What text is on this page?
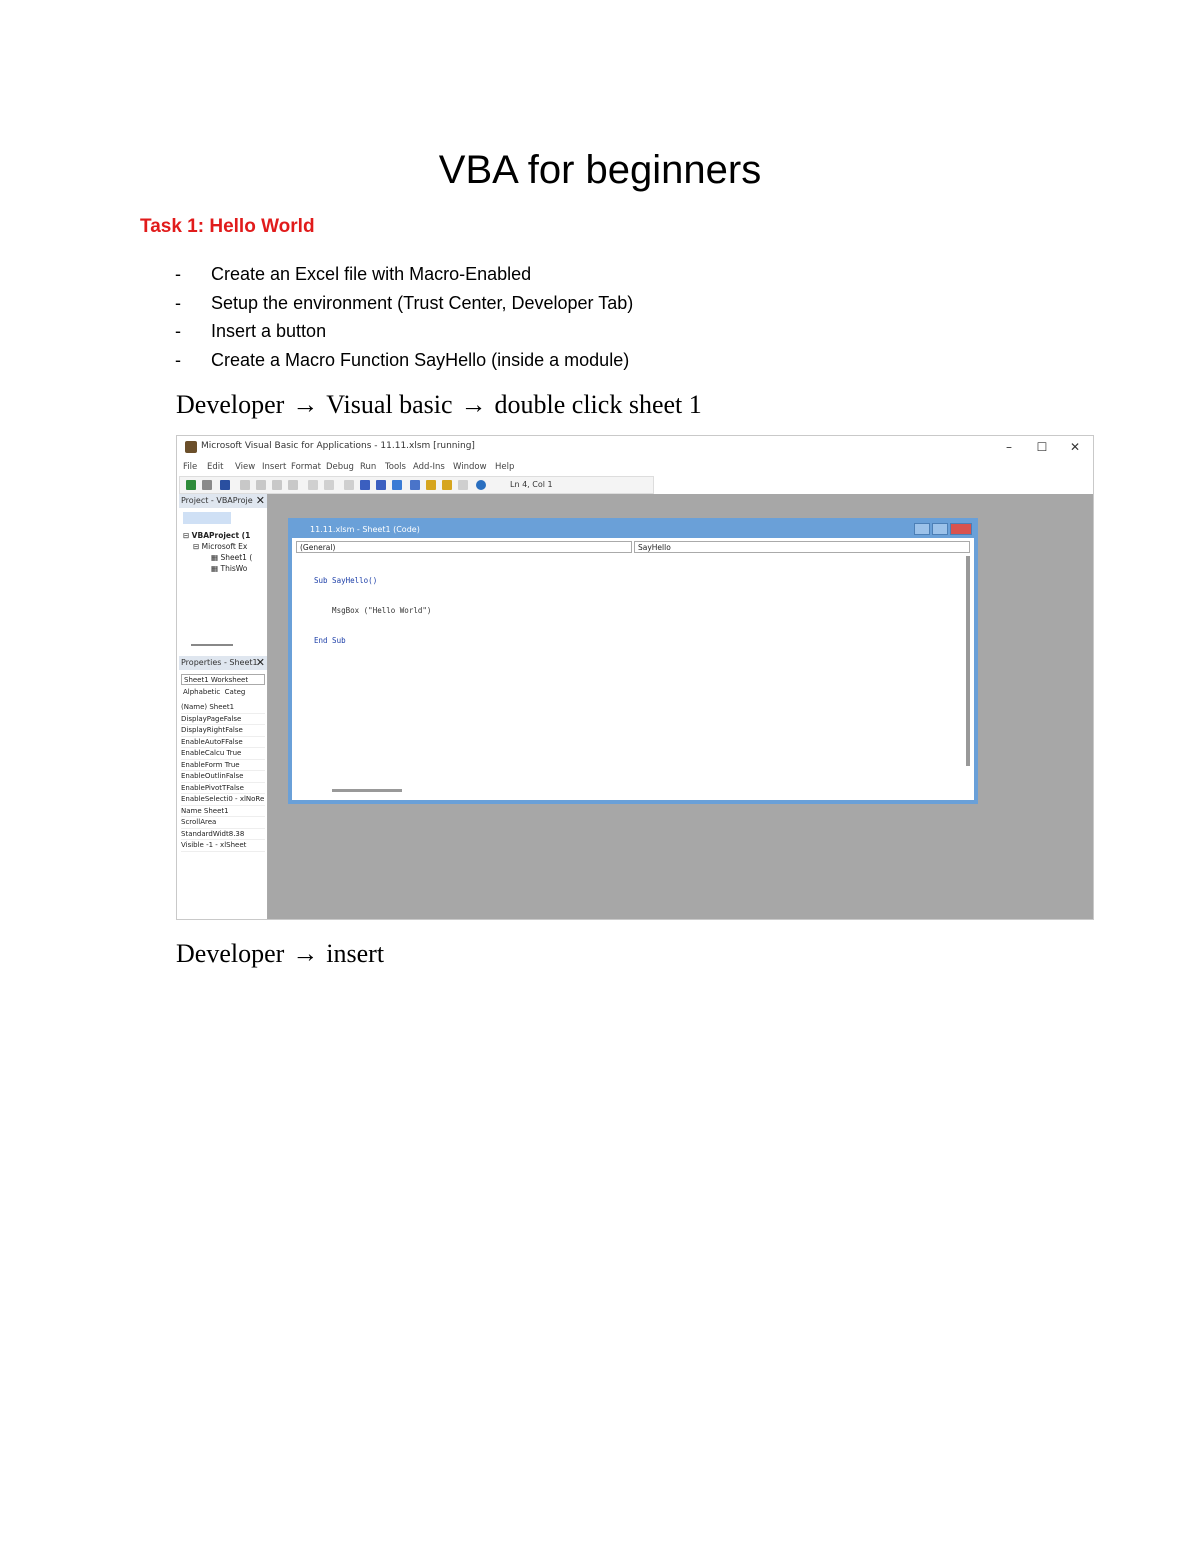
VBA for beginners
Task 1: Hello World
- Create an Excel file with Macro-Enabled
- Setup the environment (Trust Center, Developer Tab)
- Insert a button
- Create a Macro Function SayHello (inside a module)
Developer → Visual basic → double click sheet 1
Microsoft Visual Basic for Applications - 11.11.xlsm [running]	–	☐	✕
File Edit View Insert Format Debug Run Tools Add-Ins Window Help
Ln 4, Col 1
Project - VBAProje ✕
⊟ VBAProject (1
⊟ Microsoft Ex
▦ Sheet1 (
▦ ThisWo
Properties - Sheet1
✕
Sheet1 Worksheet
Alphabetic Categ
(Name) Sheet1
DisplayPageFalse
DisplayRightFalse
EnableAutoFFalse
EnableCalcu True
EnableForm True
EnableOutlinFalse
EnablePivotTFalse
EnableSelecti0 - xlNoRe
Name Sheet1
ScrollArea
StandardWidt8.38
Visible -1 - xlSheet
11.11.xlsm - Sheet1 (Code)
(General)	SayHello

Sub SayHello()

MsgBox ("Hello World")

End Sub

Developer → insert
